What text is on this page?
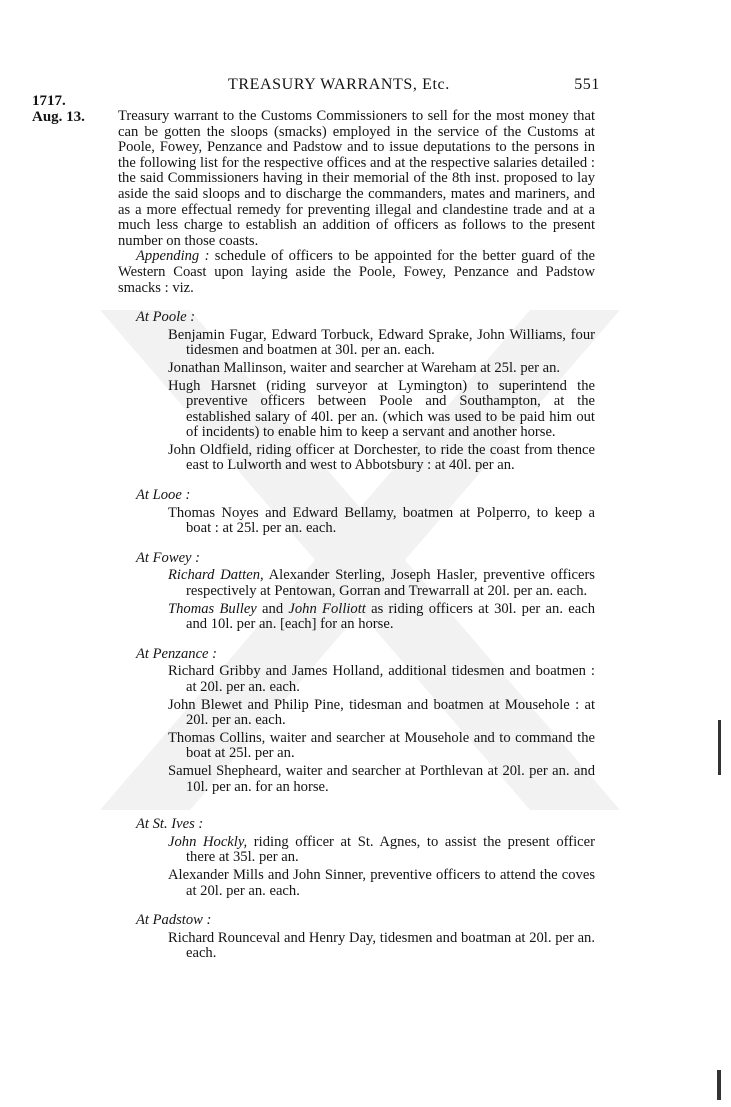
TREASURY WARRANTS, Etc.	551
1717.
Aug. 13. Treasury warrant to the Customs Commissioners to sell for the most money that can be gotten the sloops (smacks) employed in the service of the Customs at Poole, Fowey, Penzance and Padstow and to issue deputations to the persons in the following list for the respective offices and at the respective salaries detailed : the said Commissioners having in their memorial of the 8th inst. proposed to lay aside the said sloops and to discharge the commanders, mates and mariners, and as a more effectual remedy for preventing illegal and clandestine trade and at a much less charge to establish an addition of officers as follows to the present number on those coasts.

Appending : schedule of officers to be appointed for the better guard of the Western Coast upon laying aside the Poole, Fowey, Penzance and Padstow smacks : viz.

At Poole :

Benjamin Fugar, Edward Torbuck, Edward Sprake, John Williams, four tidesmen and boatmen at 30l. per an. each.

Jonathan Mallinson, waiter and searcher at Wareham at 25l. per an.

Hugh Harsnet (riding surveyor at Lymington) to superintend the preventive officers between Poole and Southampton, at the established salary of 40l. per an. (which was used to be paid him out of incidents) to enable him to keep a servant and another horse.

John Oldfield, riding officer at Dorchester, to ride the coast from thence east to Lulworth and west to Abbotsbury : at 40l. per an.

At Looe :

Thomas Noyes and Edward Bellamy, boatmen at Polperro, to keep a boat : at 25l. per an. each.

At Fowey :

Richard Datten, Alexander Sterling, Joseph Hasler, preventive officers respectively at Pentowan, Gorran and Trewarrall at 20l. per an. each.

Thomas Bulley and John Folliott as riding officers at 30l. per an. each and 10l. per an. [each] for an horse.

At Penzance :

Richard Gribby and James Holland, additional tidesmen and boatmen : at 20l. per an. each.

John Blewet and Philip Pine, tidesman and boatmen at Mousehole : at 20l. per an. each.

Thomas Collins, waiter and searcher at Mousehole and to command the boat at 25l. per an.

Samuel Shepheard, waiter and searcher at Porthlevan at 20l. per an. and 10l. per an. for an horse.

At St. Ives :

John Hockly, riding officer at St. Agnes, to assist the present officer there at 35l. per an.

Alexander Mills and John Sinner, preventive officers to attend the coves at 20l. per an. each.

At Padstow :

Richard Rounceval and Henry Day, tidesmen and boatman at 20l. per an. each.
